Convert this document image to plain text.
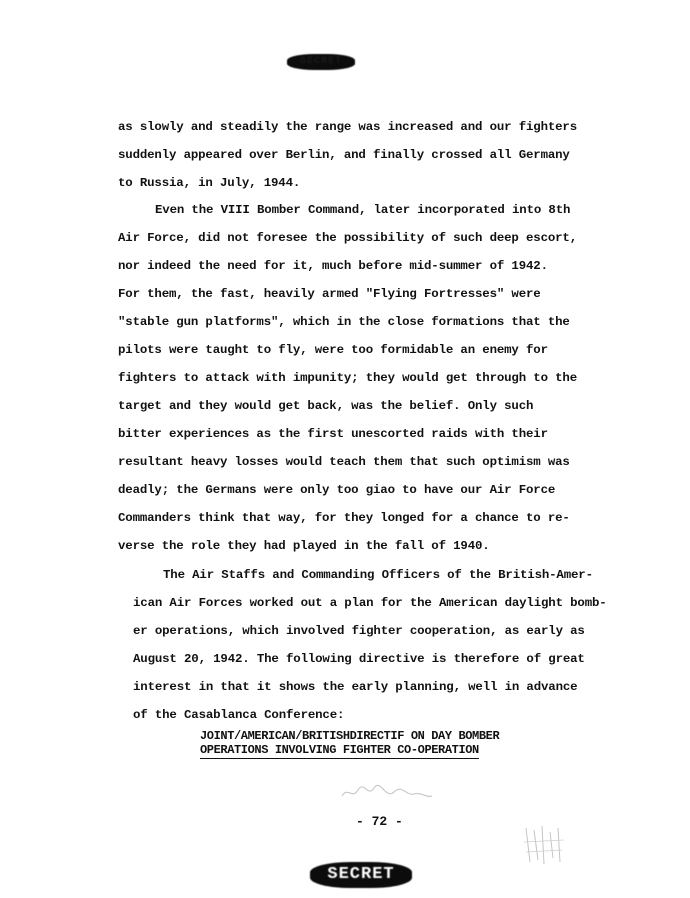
SECRET
as slowly and steadily the range was increased and our fighters
suddenly appeared over Berlin, and finally crossed all Germany
to Russia, in July, 1944.
Even the VIII Bomber Command, later incorporated into 8th
Air Force, did not foresee the possibility of such deep escort,
nor indeed the need for it, much before mid-summer of 1942.
For them, the fast, heavily armed "Flying Fortresses" were
"stable gun platforms", which in the close formations that the
pilots were taught to fly, were too formidable an enemy for
fighters to attack with impunity; they would get through to the
target and they would get back, was the belief. Only such
bitter experiences as the first unescorted raids with their
resultant heavy losses would teach them that such optimism was
deadly; the Germans were only too giao to have our Air Force
Commanders think that way, for they longed for a chance to re-
verse the role they had played in the fall of 1940.
The Air Staffs and Commanding Officers of the British-Amer-
ican Air Forces worked out a plan for the American daylight bomb-
er operations, which involved fighter cooperation, as early as
August 20, 1942. The following directive is therefore of great
interest in that it shows the early planning, well in advance
of the Casablanca Conference:
JOINT/AMERICAN/BRITISHDIRECTIF ON DAY BOMBER
OPERATIONS INVOLVING FIGHTER CO-OPERATION
- 72 -
SECRET
